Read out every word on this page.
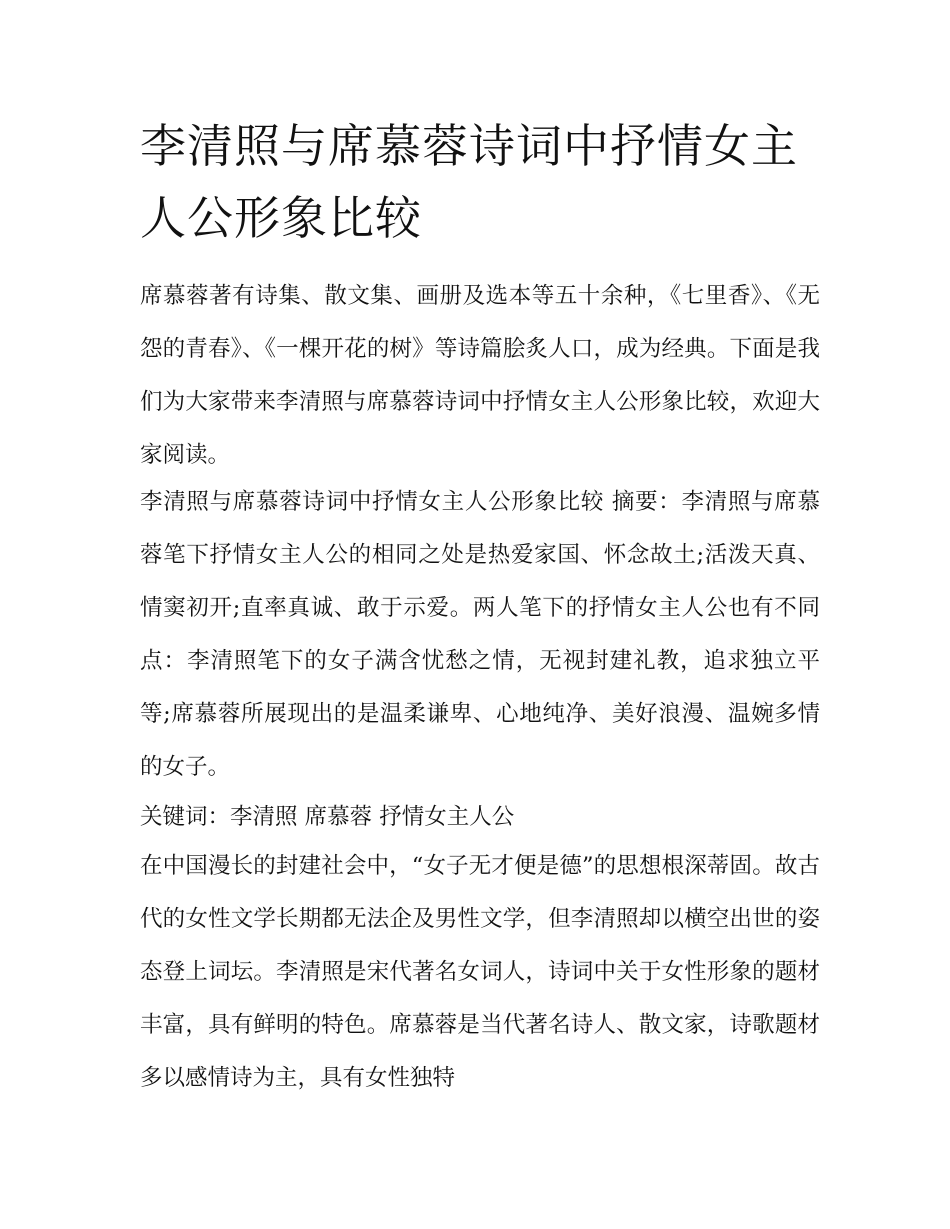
李清照与席慕蓉诗词中抒情女主人公形象比较

席慕蓉著有诗集、散文集、画册及选本等五十余种，《七里香》、《无怨的青春》、《一棵开花的树》等诗篇脍炙人口，成为经典。下面是我们为大家带来李清照与席慕蓉诗词中抒情女主人公形象比较，欢迎大家阅读。

李清照与席慕蓉诗词中抒情女主人公形象比较 摘要：李清照与席慕蓉笔下抒情女主人公的相同之处是热爱家国、怀念故土;活泼天真、情窦初开;直率真诚、敢于示爱。两人笔下的抒情女主人公也有不同点：李清照笔下的女子满含忧愁之情，无视封建礼教，追求独立平等;席慕蓉所展现出的是温柔谦卑、心地纯净、美好浪漫、温婉多情的女子。

关键词：李清照 席慕蓉 抒情女主人公

在中国漫长的封建社会中，“女子无才便是德”的思想根深蒂固。故古代的女性文学长期都无法企及男性文学，但李清照却以横空出世的姿态登上词坛。李清照是宋代著名女词人，诗词中关于女性形象的题材丰富，具有鲜明的特色。席慕蓉是当代著名诗人、散文家，诗歌题材多以感情诗为主，具有女性独特
